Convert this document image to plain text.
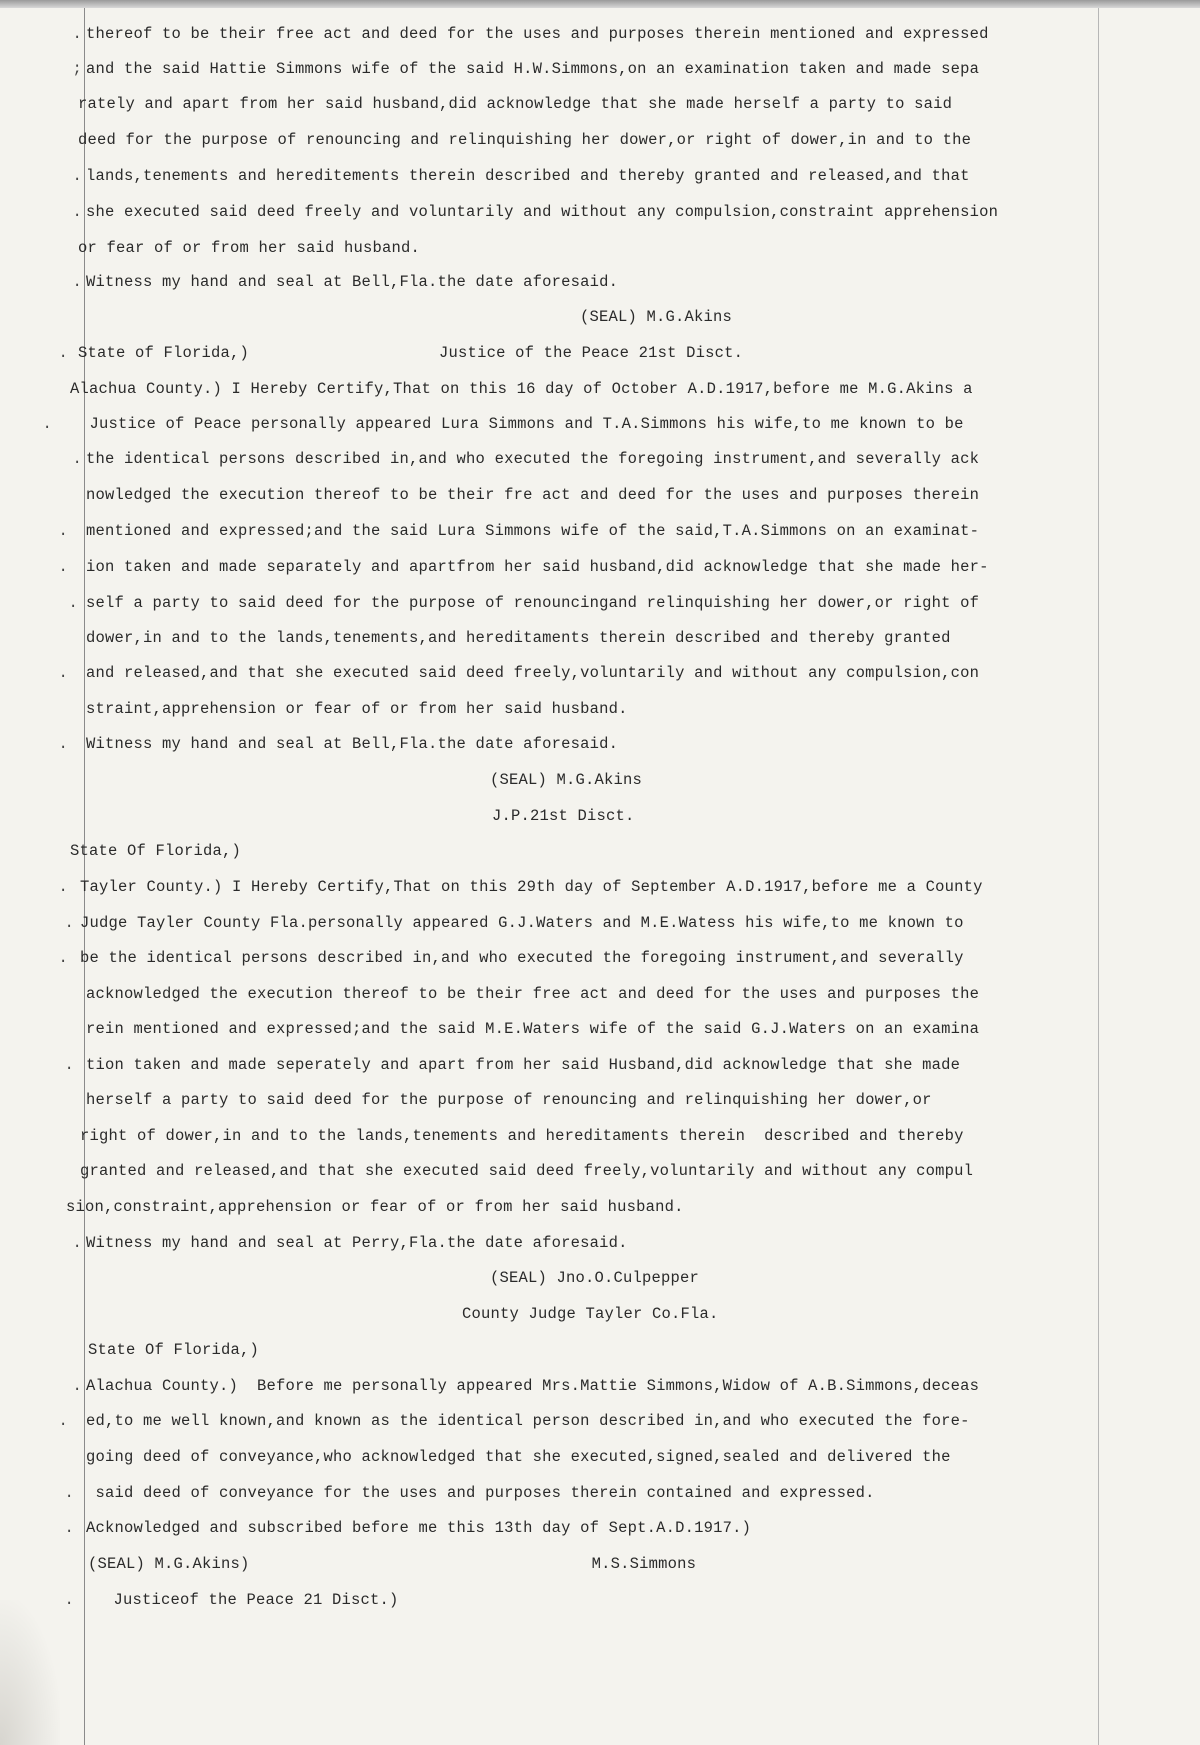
. thereof to be their free act and deed for the uses and purposes therein mentioned and expressed
; and the said Hattie Simmons wife of the said H.W.Simmons,on an examination taken and made sepa
rately and apart from her said husband,did acknowledge that she made herself a party to said
deed for the purpose of renouncing and relinquishing her dower,or right of dower,in and to the
. lands,tenements and hereditements therein described and thereby granted and released,and that
. she executed said deed freely and voluntarily and without any compulsion,constraint apprehension
or fear of or from her said husband.
. Witness my hand and seal at Bell,Fla.the date aforesaid.
(SEAL) M.G.Akins
. State of Florida,)                    Justice of the Peace 21st Disct.
Alachua County.) I Hereby Certify,That on this 16 day of October A.D.1917,before me M.G.Akins a
. Justice of Peace personally appeared Lura Simmons and T.A.Simmons his wife,to me known to be
. the identical persons described in,and who executed the foregoing instrument,and severally ack
nowledged the execution thereof to be their fre act and deed for the uses and purposes therein
. mentioned and expressed;and the said Lura Simmons wife of the said,T.A.Simmons on an examinat-
. ion taken and made separately and apartfrom her said husband,did acknowledge that she made her-
. self a party to said deed for the purpose of renouncingand relinquishing her dower,or right of
dower,in and to the lands,tenements,and hereditaments therein described and thereby granted
. and released,and that she executed said deed freely,voluntarily and without any compulsion,con
straint,apprehension or fear of or from her said husband.
. Witness my hand and seal at Bell,Fla.the date aforesaid.
(SEAL) M.G.Akins
J.P.21st Disct.
State Of Florida,)
. Tayler County.) I Hereby Certify,That on this 29th day of September A.D.1917,before me a County
. Judge Tayler County Fla.personally appeared G.J.Waters and M.E.Watess his wife,to me known to
. be the identical persons described in,and who executed the foregoing instrument,and severally
acknowledged the execution thereof to be their free act and deed for the uses and purposes the
rein mentioned and expressed;and the said M.E.Waters wife of the said G.J.Waters on an examina
. tion taken and made seperately and apart from her said Husband,did acknowledge that she made
herself a party to said deed for the purpose of renouncing and relinquishing her dower,or
right of dower,in and to the lands,tenements and hereditaments therein  described and thereby
granted and released,and that she executed said deed freely,voluntarily and without any compul
sion,constraint,apprehension or fear of or from her said husband.
. Witness my hand and seal at Perry,Fla.the date aforesaid.
(SEAL) Jno.O.Culpepper
County Judge Tayler Co.Fla.
State Of Florida,)
. Alachua County.)  Before me personally appeared Mrs.Mattie Simmons,Widow of A.B.Simmons,deceas
. ed,to me well known,and known as the identical person described in,and who executed the fore-
going deed of conveyance,who acknowledged that she executed,signed,sealed and delivered the
. said deed of conveyance for the uses and purposes therein contained and expressed.
. Acknowledged and subscribed before me this 13th day of Sept.A.D.1917.)
(SEAL) M.G.Akins)                                    M.S.Simmons
. Justiceof the Peace 21 Disct.)
